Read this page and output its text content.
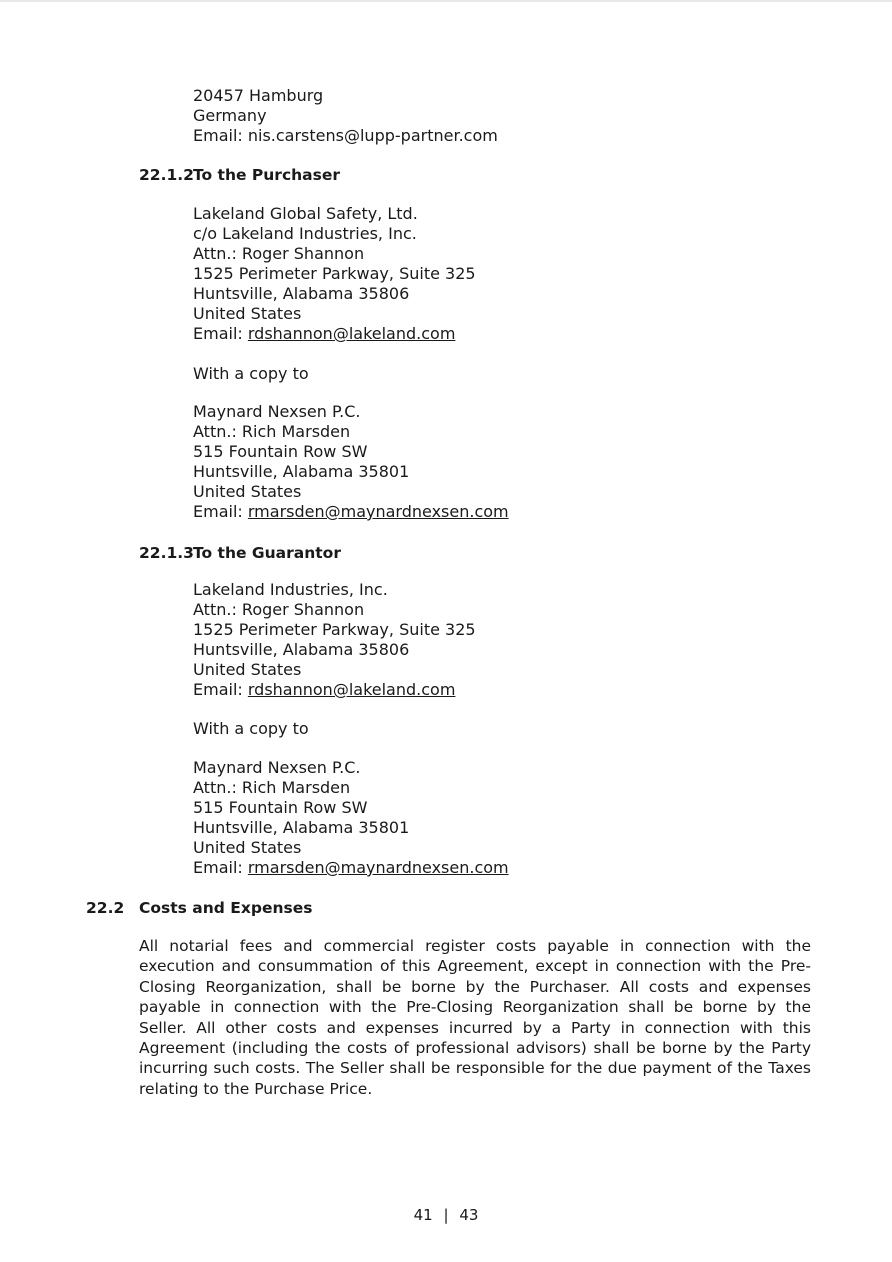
20457 Hamburg
Germany
Email: nis.carstens@lupp-partner.com
22.1.2 To the Purchaser
Lakeland Global Safety, Ltd.
c/o Lakeland Industries, Inc.
Attn.: Roger Shannon
1525 Perimeter Parkway, Suite 325
Huntsville, Alabama 35806
United States
Email: rdshannon@lakeland.com
With a copy to
Maynard Nexsen P.C.
Attn.: Rich Marsden
515 Fountain Row SW
Huntsville, Alabama 35801
United States
Email: rmarsden@maynardnexsen.com
22.1.3 To the Guarantor
Lakeland Industries, Inc.
Attn.: Roger Shannon
1525 Perimeter Parkway, Suite 325
Huntsville, Alabama 35806
United States
Email: rdshannon@lakeland.com
With a copy to
Maynard Nexsen P.C.
Attn.: Rich Marsden
515 Fountain Row SW
Huntsville, Alabama 35801
United States
Email: rmarsden@maynardnexsen.com
22.2 Costs and Expenses
All notarial fees and commercial register costs payable in connection with the execution and consummation of this Agreement, except in connection with the Pre-Closing Reorganization, shall be borne by the Purchaser. All costs and expenses payable in connection with the Pre-Closing Reorganization shall be borne by the Seller. All other costs and expenses incurred by a Party in connection with this Agreement (including the costs of professional advisors) shall be borne by the Party incurring such costs. The Seller shall be responsible for the due payment of the Taxes relating to the Purchase Price.
41 | 43
